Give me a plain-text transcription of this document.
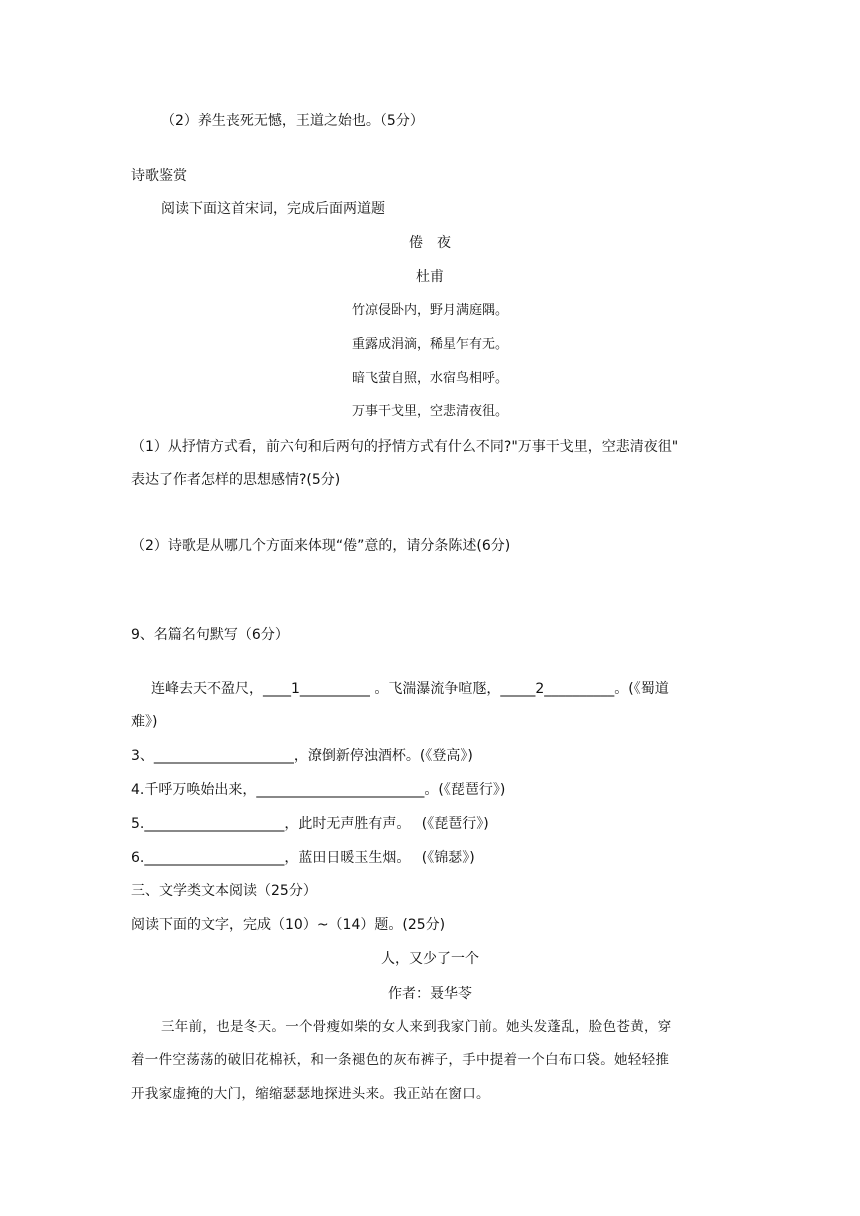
（2）养生丧死无憾，王道之始也。（5分）
诗歌鉴赏
阅读下面这首宋词，完成后面两道题
倦　夜
杜甫
竹凉侵卧内，野月满庭隅。
重露成涓滴，稀星乍有无。
暗飞萤自照，水宿鸟相呼。
万事干戈里，空悲清夜徂。
（1）从抒情方式看，前六句和后两句的抒情方式有什么不同?"万事干戈里，空悲清夜徂"
表达了作者怎样的思想感情?(5分)
（2）诗歌是从哪几个方面来体现“倦”意的，请分条陈述(6分)
9、名篇名句默写（6分）
连峰去天不盈尺，____1__________ 。飞湍瀑流争喧豗，_____2__________。(《蜀道
难》)
3、____________________，潦倒新停浊酒杯。(《登高》)
4.千呼万唤始出来，________________________。(《琵琶行》)
5.____________________，此时无声胜有声。　 (《琵琶行》)
6.____________________，蓝田日暖玉生烟。　 (《锦瑟》)
三、文学类文本阅读（25分）
阅读下面的文字，完成（10）~（14）题。(25分)
人，又少了一个
作者：聂华苓
三年前，也是冬天。一个骨瘦如柴的女人来到我家门前。她头发蓬乱，脸色苍黄，穿
着一件空荡荡的破旧花棉袄，和一条褪色的灰布裤子，手中提着一个白布口袋。她轻轻推
开我家虚掩的大门，缩缩瑟瑟地探进头来。我正站在窗口。
